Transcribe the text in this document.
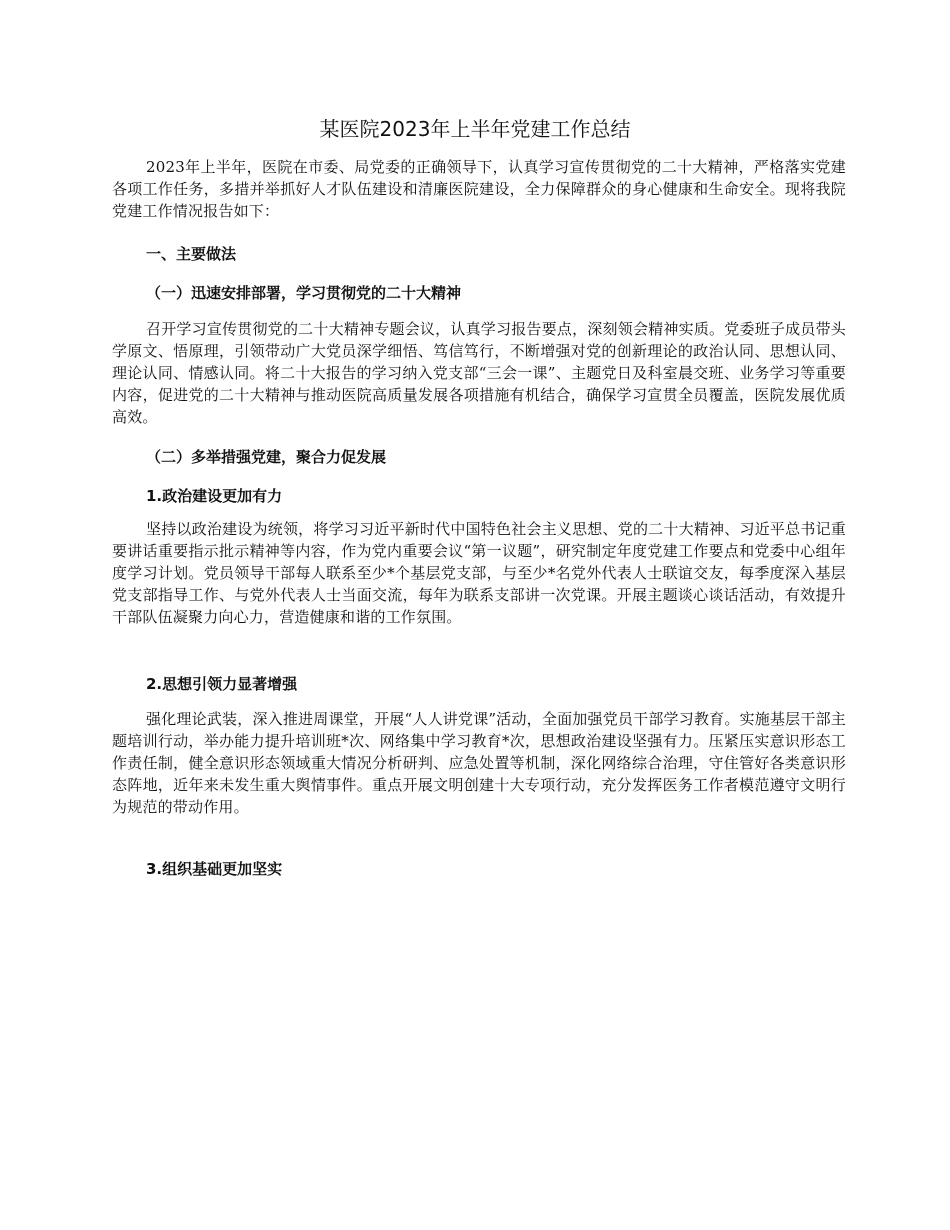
某医院2023年上半年党建工作总结

2023年上半年，医院在市委、局党委的正确领导下，认真学习宣传贯彻党的二十大精神，严格落实党建各项工作任务，多措并举抓好人才队伍建设和清廉医院建设，全力保障群众的身心健康和生命安全。现将我院党建工作情况报告如下：

一、主要做法
（一）迅速安排部署，学习贯彻党的二十大精神

召开学习宣传贯彻党的二十大精神专题会议，认真学习报告要点，深刻领会精神实质。党委班子成员带头学原文、悟原理，引领带动广大党员深学细悟、笃信笃行，不断增强对党的创新理论的政治认同、思想认同、理论认同、情感认同。将二十大报告的学习纳入党支部“三会一课”、主题党日及科室晨交班、业务学习等重要内容，促进党的二十大精神与推动医院高质量发展各项措施有机结合，确保学习宣贯全员覆盖，医院发展优质高效。

（二）多举措强党建，聚合力促发展
1.政治建设更加有力

坚持以政治建设为统领，将学习习近平新时代中国特色社会主义思想、党的二十大精神、习近平总书记重要讲话重要指示批示精神等内容，作为党内重要会议“第一议题”，研究制定年度党建工作要点和党委中心组年度学习计划。党员领导干部每人联系至少*个基层党支部，与至少*名党外代表人士联谊交友，每季度深入基层党支部指导工作、与党外代表人士当面交流，每年为联系支部讲一次党课。开展主题谈心谈话活动，有效提升干部队伍凝聚力向心力，营造健康和谐的工作氛围。

2.思想引领力显著增强

强化理论武装，深入推进周课堂，开展“人人讲党课”活动，全面加强党员干部学习教育。实施基层干部主题培训行动，举办能力提升培训班*次、网络集中学习教育*次，思想政治建设坚强有力。压紧压实意识形态工作责任制，健全意识形态领域重大情况分析研判、应急处置等机制，深化网络综合治理，守住管好各类意识形态阵地，近年来未发生重大舆情事件。重点开展文明创建十大专项行动，充分发挥医务工作者模范遵守文明行为规范的带动作用。

3.组织基础更加坚实
